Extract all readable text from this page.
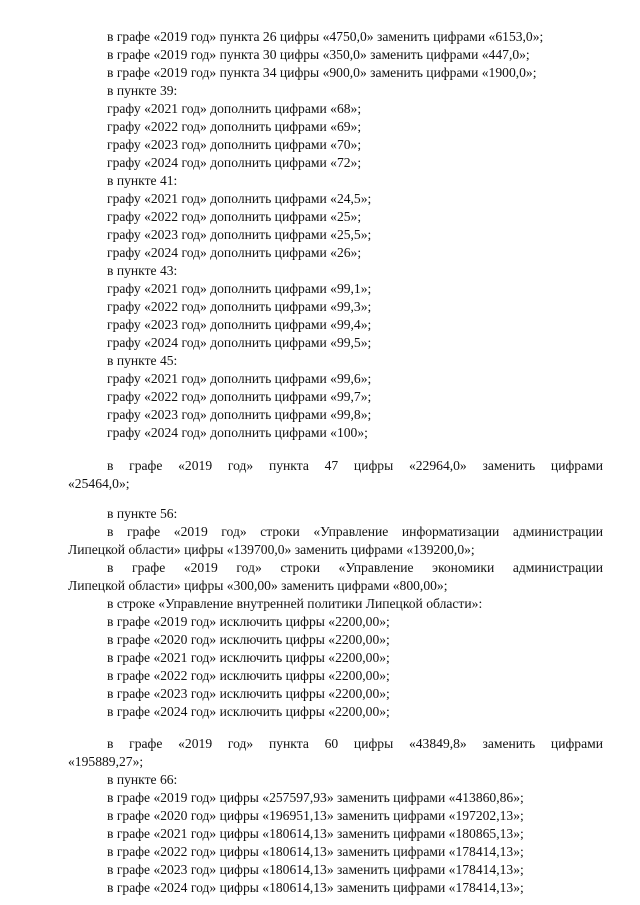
в графе «2019 год» пункта 26 цифры «4750,0» заменить цифрами «6153,0»;
в графе «2019 год» пункта 30 цифры «350,0» заменить цифрами «447,0»;
в графе «2019 год» пункта 34 цифры «900,0» заменить цифрами «1900,0»;
в пункте 39:
графу «2021 год» дополнить цифрами «68»;
графу «2022 год» дополнить цифрами «69»;
графу «2023 год» дополнить цифрами «70»;
графу «2024 год» дополнить цифрами «72»;
в пункте 41:
графу «2021 год» дополнить цифрами «24,5»;
графу «2022 год» дополнить цифрами «25»;
графу «2023 год» дополнить цифрами «25,5»;
графу «2024 год» дополнить цифрами «26»;
в пункте 43:
графу «2021 год» дополнить цифрами «99,1»;
графу «2022 год» дополнить цифрами «99,3»;
графу «2023 год» дополнить цифрами «99,4»;
графу «2024 год» дополнить цифрами «99,5»;
в пункте 45:
графу «2021 год» дополнить цифрами «99,6»;
графу «2022 год» дополнить цифрами «99,7»;
графу «2023 год» дополнить цифрами «99,8»;
графу «2024 год» дополнить цифрами «100»;
в графе «2019 год» пункта 47 цифры «22964,0» заменить цифрами
«25464,0»;
в пункте 56:
в графе «2019 год» строки «Управление информатизации администрации
Липецкой области» цифры «139700,0» заменить цифрами «139200,0»;
в графе «2019 год» строки «Управление экономики администрации
Липецкой области» цифры «300,00» заменить цифрами «800,00»;
в строке «Управление внутренней политики Липецкой области»:
в графе «2019 год» исключить цифры «2200,00»;
в графе «2020 год» исключить цифры «2200,00»;
в графе «2021 год» исключить цифры «2200,00»;
в графе «2022 год» исключить цифры «2200,00»;
в графе «2023 год» исключить цифры «2200,00»;
в графе «2024 год» исключить цифры «2200,00»;
в графе «2019 год» пункта 60 цифры «43849,8» заменить цифрами
«195889,27»;
в пункте 66:
в графе «2019 год» цифры «257597,93» заменить цифрами «413860,86»;
в графе «2020 год» цифры «196951,13» заменить цифрами «197202,13»;
в графе «2021 год» цифры «180614,13» заменить цифрами «180865,13»;
в графе «2022 год» цифры «180614,13» заменить цифрами «178414,13»;
в графе «2023 год» цифры «180614,13» заменить цифрами «178414,13»;
в графе «2024 год» цифры «180614,13» заменить цифрами «178414,13»;
